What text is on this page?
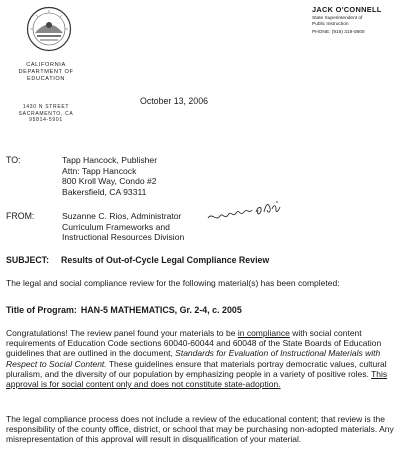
CALIFORNIA
DEPARTMENT OF
EDUCATION
1430 N STREET
SACRAMENTO, CA
95814-5901
JACK O'CONNELL
State Superintendent of
Public Instruction
PHONE: (916) 319-0800
October 13, 2006
TO:	Tapp Hancock, Publisher
Attn: Tapp Hancock
800 Kroll Way, Condo #2
Bakersfield, CA 93311
FROM:	Suzanne C. Rios, Administrator
Curriculum Frameworks and
Instructional Resources Division
SUBJECT: Results of Out-of-Cycle Legal Compliance Review

The legal and social compliance review for the following material(s) has been completed:

Title of Program: HAN-5 MATHEMATICS, Gr. 2-4, c. 2005

Congratulations! The review panel found your materials to be in compliance with social content requirements of Education Code sections 60040-60044 and 60048 of the State Boards of Education guidelines that are outlined in the document, Standards for Evaluation of Instructional Materials with Respect to Social Content. These guidelines ensure that materials portray democratic values, cultural pluralism, and the diversity of our population by emphasizing people in a variety of positive roles. This approval is for social content only and does not constitute state-adoption.

The legal compliance process does not include a review of the educational content; that review is the responsibility of the county office, district, or school that may be purchasing non-adopted materials. Any misrepresentation of this approval will result in disqualification of your material.
